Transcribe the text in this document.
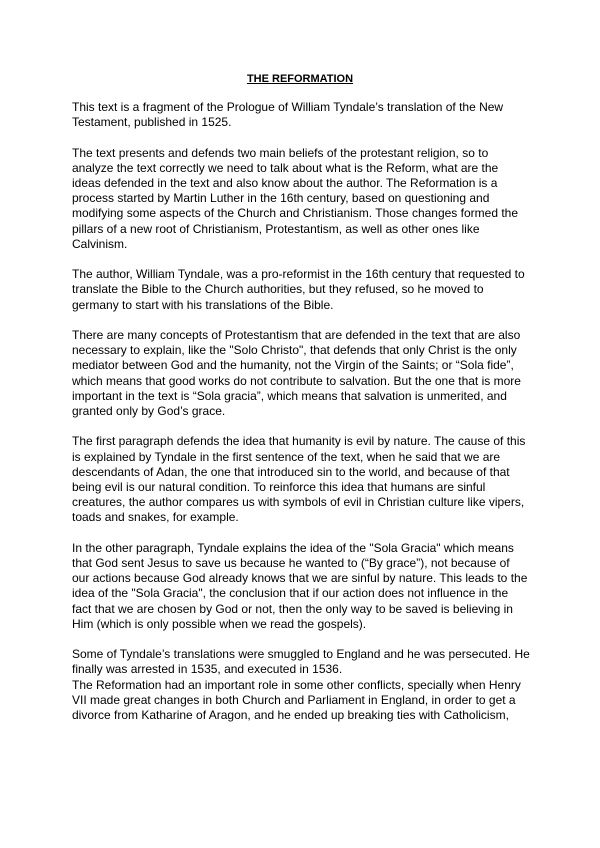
THE REFORMATION

This text is a fragment of the Prologue of William Tyndale’s translation of the New Testament, published in 1525.

The text presents and defends two main beliefs of the protestant religion, so to analyze the text correctly we need to talk about what is the Reform, what are the ideas defended in the text and also know about the author. The Reformation is a process started by Martin Luther in the 16th century, based on questioning and modifying some aspects of the Church and Christianism. Those changes formed the pillars of a new root of Christianism, Protestantism, as well as other ones like Calvinism.

The author, William Tyndale, was a pro-reformist in the 16th century that requested to translate the Bible to the Church authorities, but they refused, so he moved to germany to start with his translations of the Bible.

There are many concepts of Protestantism that are defended in the text that are also necessary to explain, like the "Solo Christo", that defends that only Christ is the only mediator between God and the humanity, not the Virgin of the Saints; or “Sola fide”, which means that good works do not contribute to salvation. But the one that is more important in the text is “Sola gracia”, which means that salvation is unmerited, and granted only by God’s grace.

The first paragraph defends the idea that humanity is evil by nature. The cause of this is explained by Tyndale in the first sentence of the text, when he said that we are descendants of Adan, the one that introduced sin to the world, and because of that being evil is our natural condition. To reinforce this idea that humans are sinful creatures, the author compares us with symbols of evil in Christian culture like vipers, toads and snakes, for example.

In the other paragraph, Tyndale explains the idea of the "Sola Gracia" which means that God sent Jesus to save us because he wanted to (“By grace”), not because of our actions because God already knows that we are sinful by nature. This leads to the idea of the "Sola Gracia", the conclusion that if our action does not influence in the fact that we are chosen by God or not, then the only way to be saved is believing in Him (which is only possible when we read the gospels).

Some of Tyndale’s translations were smuggled to England and he was persecuted. He finally was arrested in 1535, and executed in 1536.

The Reformation had an important role in some other conflicts, specially when Henry VII made great changes in both Church and Parliament in England, in order to get a divorce from Katharine of Aragon, and he ended up breaking ties with Catholicism,
